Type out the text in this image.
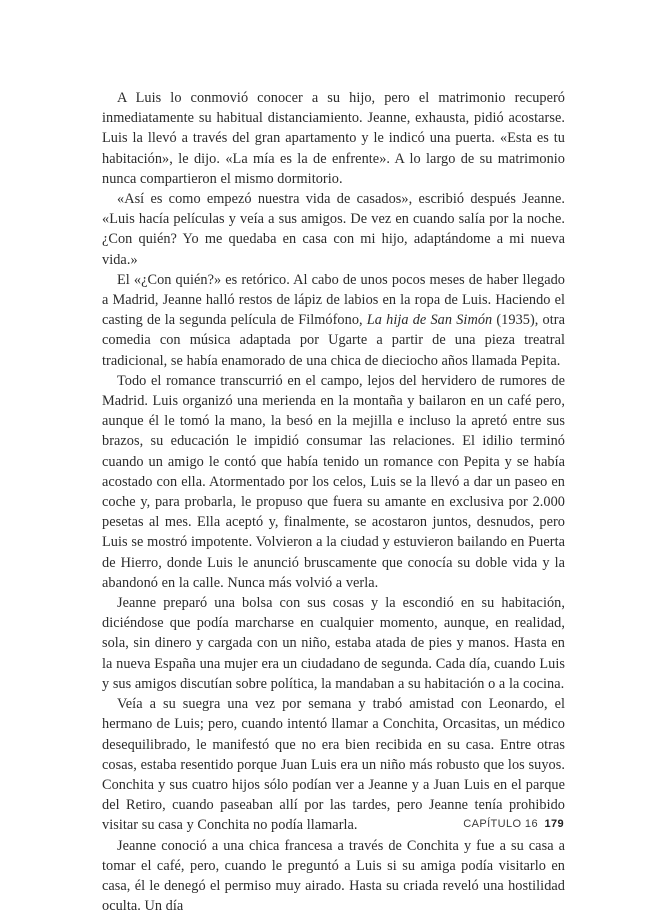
A Luis lo conmovió conocer a su hijo, pero el matrimonio recuperó inmediatamente su habitual distanciamiento. Jeanne, exhausta, pidió acostarse. Luis la llevó a través del gran apartamento y le indicó una puerta. «Esta es tu habitación», le dijo. «La mía es la de enfrente». A lo largo de su matrimonio nunca compartieron el mismo dormitorio.

«Así es como empezó nuestra vida de casados», escribió después Jeanne. «Luis hacía películas y veía a sus amigos. De vez en cuando salía por la noche. ¿Con quién? Yo me quedaba en casa con mi hijo, adaptándome a mi nueva vida.»

El «¿Con quién?» es retórico. Al cabo de unos pocos meses de haber llegado a Madrid, Jeanne halló restos de lápiz de labios en la ropa de Luis. Haciendo el casting de la segunda película de Filmófono, La hija de San Simón (1935), otra comedia con música adaptada por Ugarte a partir de una pieza treatral tradicional, se había enamorado de una chica de dieciocho años llamada Pepita.

Todo el romance transcurrió en el campo, lejos del hervidero de rumores de Madrid. Luis organizó una merienda en la montaña y bailaron en un café pero, aunque él le tomó la mano, la besó en la mejilla e incluso la apretó entre sus brazos, su educación le impidió consumar las relaciones. El idilio terminó cuando un amigo le contó que había tenido un romance con Pepita y se había acostado con ella. Atormentado por los celos, Luis se la llevó a dar un paseo en coche y, para probarla, le propuso que fuera su amante en exclusiva por 2.000 pesetas al mes. Ella aceptó y, finalmente, se acostaron juntos, desnudos, pero Luis se mostró impotente. Volvieron a la ciudad y estuvieron bailando en Puerta de Hierro, donde Luis le anunció bruscamente que conocía su doble vida y la abandonó en la calle. Nunca más volvió a verla.

Jeanne preparó una bolsa con sus cosas y la escondió en su habitación, diciéndose que podía marcharse en cualquier momento, aunque, en realidad, sola, sin dinero y cargada con un niño, estaba atada de pies y manos. Hasta en la nueva España una mujer era un ciudadano de segunda. Cada día, cuando Luis y sus amigos discutían sobre política, la mandaban a su habitación o a la cocina.

Veía a su suegra una vez por semana y trabó amistad con Leonardo, el hermano de Luis; pero, cuando intentó llamar a Conchita, Orcasitas, un médico desequilibrado, le manifestó que no era bien recibida en su casa. Entre otras cosas, estaba resentido porque Juan Luis era un niño más robusto que los suyos. Conchita y sus cuatro hijos sólo podían ver a Jeanne y a Juan Luis en el parque del Retiro, cuando paseaban allí por las tardes, pero Jeanne tenía prohibido visitar su casa y Conchita no podía llamarla.

Jeanne conoció a una chica francesa a través de Conchita y fue a su casa a tomar el café, pero, cuando le preguntó a Luis si su amiga podía visitarlo en casa, él le denegó el permiso muy airado. Hasta su criada reveló una hostilidad oculta. Un día

CAPÍTULO 16 179
